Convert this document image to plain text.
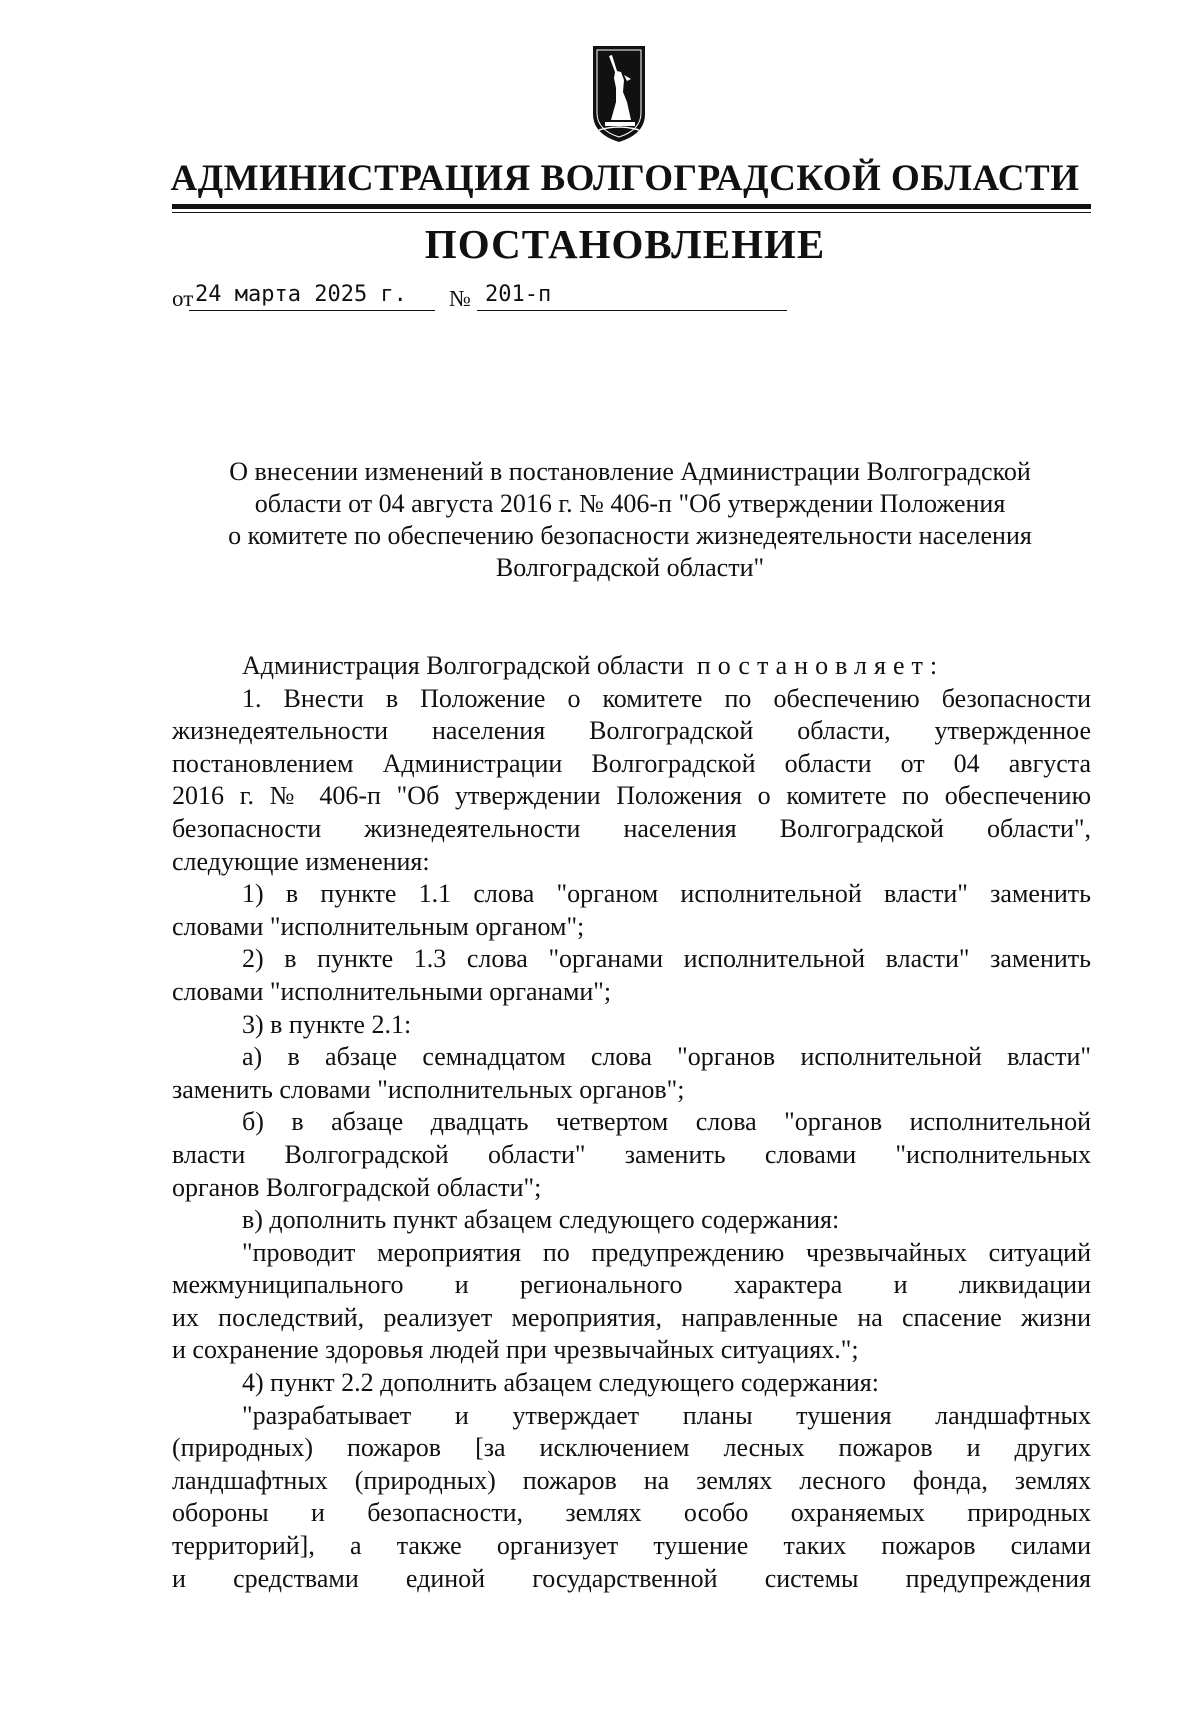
АДМИНИСТРАЦИЯ ВОЛГОГРАДСКОЙ ОБЛАСТИ
ПОСТАНОВЛЕНИЕ
от 24 марта 2025 г.	№ 201-п
О внесении изменений в постановление Администрации Волгоградской
области от 04 августа 2016 г. № 406-п "Об утверждении Положения
о комитете по обеспечению безопасности жизнедеятельности населения
Волгоградской области"

Администрация Волгоградской области постановляет:

1. Внести в Положение о комитете по обеспечению безопасности

жизнедеятельности населения Волгоградской области, утвержденное

постановлением Администрации Волгоградской области от 04 августа

2016 г. № 406-п "Об утверждении Положения о комитете по обеспечению

безопасности жизнедеятельности населения Волгоградской области",

следующие изменения:

1) в пункте 1.1 слова "органом исполнительной власти" заменить

словами "исполнительным органом";

2) в пункте 1.3 слова "органами исполнительной власти" заменить

словами "исполнительными органами";

3) в пункте 2.1:

а) в абзаце семнадцатом слова "органов исполнительной власти"

заменить словами "исполнительных органов";

б) в абзаце двадцать четвертом слова "органов исполнительной

власти Волгоградской области" заменить словами "исполнительных

органов Волгоградской области";

в) дополнить пункт абзацем следующего содержания:

"проводит мероприятия по предупреждению чрезвычайных ситуаций

межмуниципального и регионального характера и ликвидации

их последствий, реализует мероприятия, направленные на спасение жизни

и сохранение здоровья людей при чрезвычайных ситуациях.";

4) пункт 2.2 дополнить абзацем следующего содержания:

"разрабатывает и утверждает планы тушения ландшафтных

(природных) пожаров [за исключением лесных пожаров и других

ландшафтных (природных) пожаров на землях лесного фонда, землях

обороны и безопасности, землях особо охраняемых природных

территорий], а также организует тушение таких пожаров силами

и средствами единой государственной системы предупреждения
